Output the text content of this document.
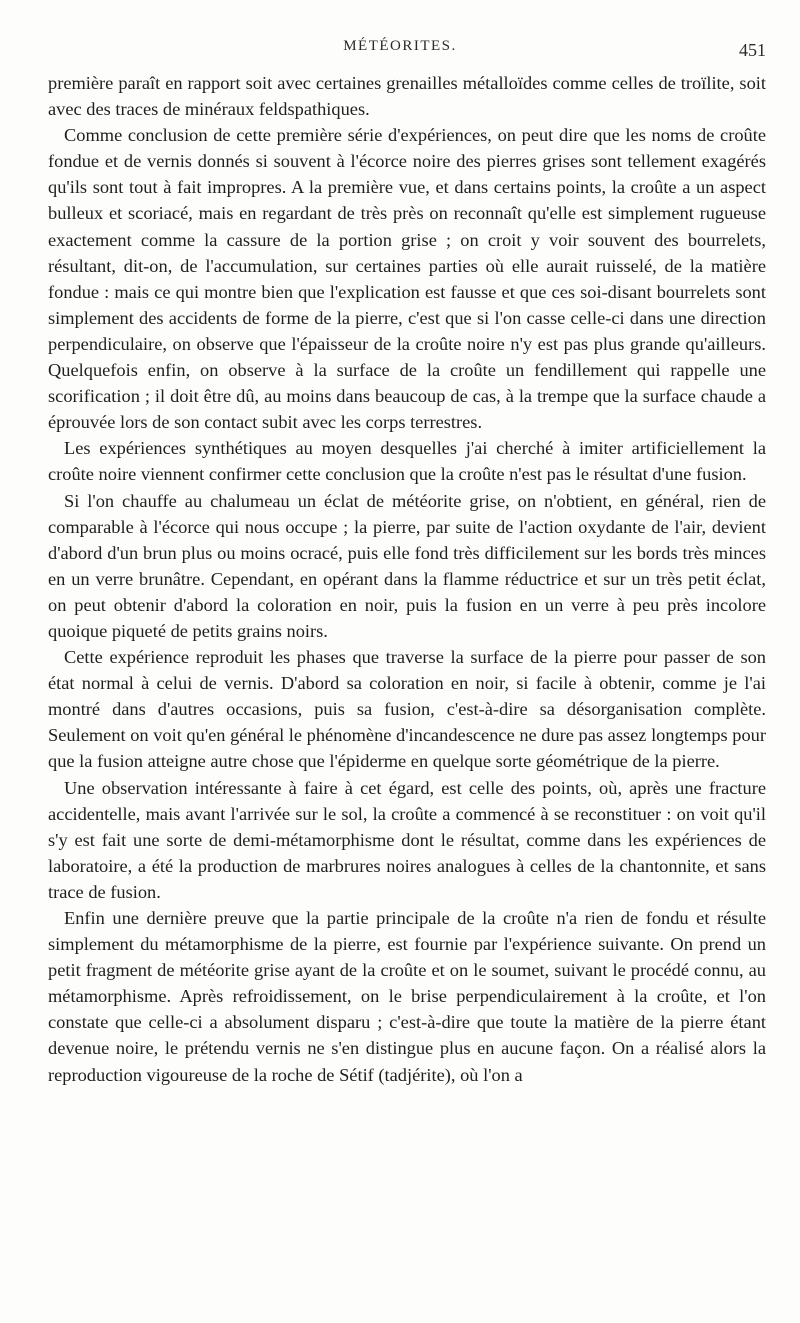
MÉTÉORITES.	451

première paraît en rapport soit avec certaines grenailles métalloïdes comme celles de troïlite, soit avec des traces de minéraux feldspathiques.

Comme conclusion de cette première série d'expériences, on peut dire que les noms de croûte fondue et de vernis donnés si souvent à l'écorce noire des pierres grises sont tellement exagérés qu'ils sont tout à fait impropres. A la première vue, et dans certains points, la croûte a un aspect bulleux et scoriacé, mais en regardant de très près on reconnaît qu'elle est simplement rugueuse exactement comme la cassure de la portion grise ; on croit y voir souvent des bourrelets, résultant, dit-on, de l'accumulation, sur certaines parties où elle aurait ruisselé, de la matière fondue : mais ce qui montre bien que l'explication est fausse et que ces soi-disant bourrelets sont simplement des accidents de forme de la pierre, c'est que si l'on casse celle-ci dans une direction perpendiculaire, on observe que l'épaisseur de la croûte noire n'y est pas plus grande qu'ailleurs. Quelquefois enfin, on observe à la surface de la croûte un fendillement qui rappelle une scorification ; il doit être dû, au moins dans beaucoup de cas, à la trempe que la surface chaude a éprouvée lors de son contact subit avec les corps terrestres.

Les expériences synthétiques au moyen desquelles j'ai cherché à imiter artificiellement la croûte noire viennent confirmer cette conclusion que la croûte n'est pas le résultat d'une fusion.

Si l'on chauffe au chalumeau un éclat de météorite grise, on n'obtient, en général, rien de comparable à l'écorce qui nous occupe ; la pierre, par suite de l'action oxydante de l'air, devient d'abord d'un brun plus ou moins ocracé, puis elle fond très difficilement sur les bords très minces en un verre brunâtre. Cependant, en opérant dans la flamme réductrice et sur un très petit éclat, on peut obtenir d'abord la coloration en noir, puis la fusion en un verre à peu près incolore quoique piqueté de petits grains noirs.

Cette expérience reproduit les phases que traverse la surface de la pierre pour passer de son état normal à celui de vernis. D'abord sa coloration en noir, si facile à obtenir, comme je l'ai montré dans d'autres occasions, puis sa fusion, c'est-à-dire sa désorganisation complète. Seulement on voit qu'en général le phénomène d'incandescence ne dure pas assez longtemps pour que la fusion atteigne autre chose que l'épiderme en quelque sorte géométrique de la pierre.

Une observation intéressante à faire à cet égard, est celle des points, où, après une fracture accidentelle, mais avant l'arrivée sur le sol, la croûte a commencé à se reconstituer : on voit qu'il s'y est fait une sorte de demi-métamorphisme dont le résultat, comme dans les expériences de laboratoire, a été la production de marbrures noires analogues à celles de la chantonnite, et sans trace de fusion.

Enfin une dernière preuve que la partie principale de la croûte n'a rien de fondu et résulte simplement du métamorphisme de la pierre, est fournie par l'expérience suivante. On prend un petit fragment de météorite grise ayant de la croûte et on le soumet, suivant le procédé connu, au métamorphisme. Après refroidissement, on le brise perpendiculairement à la croûte, et l'on constate que celle-ci a absolument disparu ; c'est-à-dire que toute la matière de la pierre étant devenue noire, le prétendu vernis ne s'en distingue plus en aucune façon. On a réalisé alors la reproduction vigoureuse de la roche de Sétif (tadjérite), où l'on a
